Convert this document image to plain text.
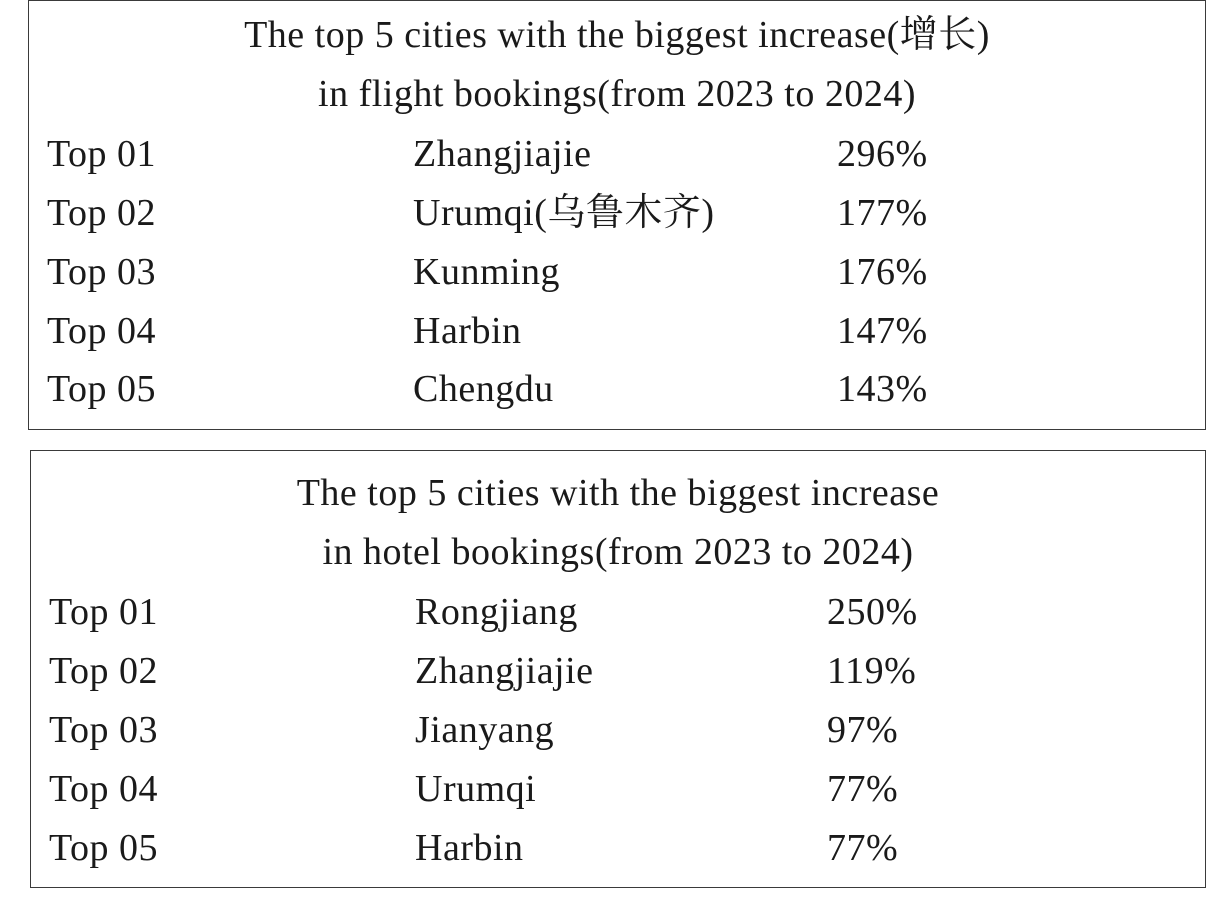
The top 5 cities with the biggest increase(增长)
in flight bookings(from 2023 to 2024)
Top 01	Zhangjiajie	296%
Top 02	Urumqi(乌鲁木齐)	177%
Top 03	Kunming	176%
Top 04	Harbin	147%
Top 05	Chengdu	143%
The top 5 cities with the biggest increase
in hotel bookings(from 2023 to 2024)
Top 01	Rongjiang	250%
Top 02	Zhangjiajie	119%
Top 03	Jianyang	97%
Top 04	Urumqi	77%
Top 05	Harbin	77%
